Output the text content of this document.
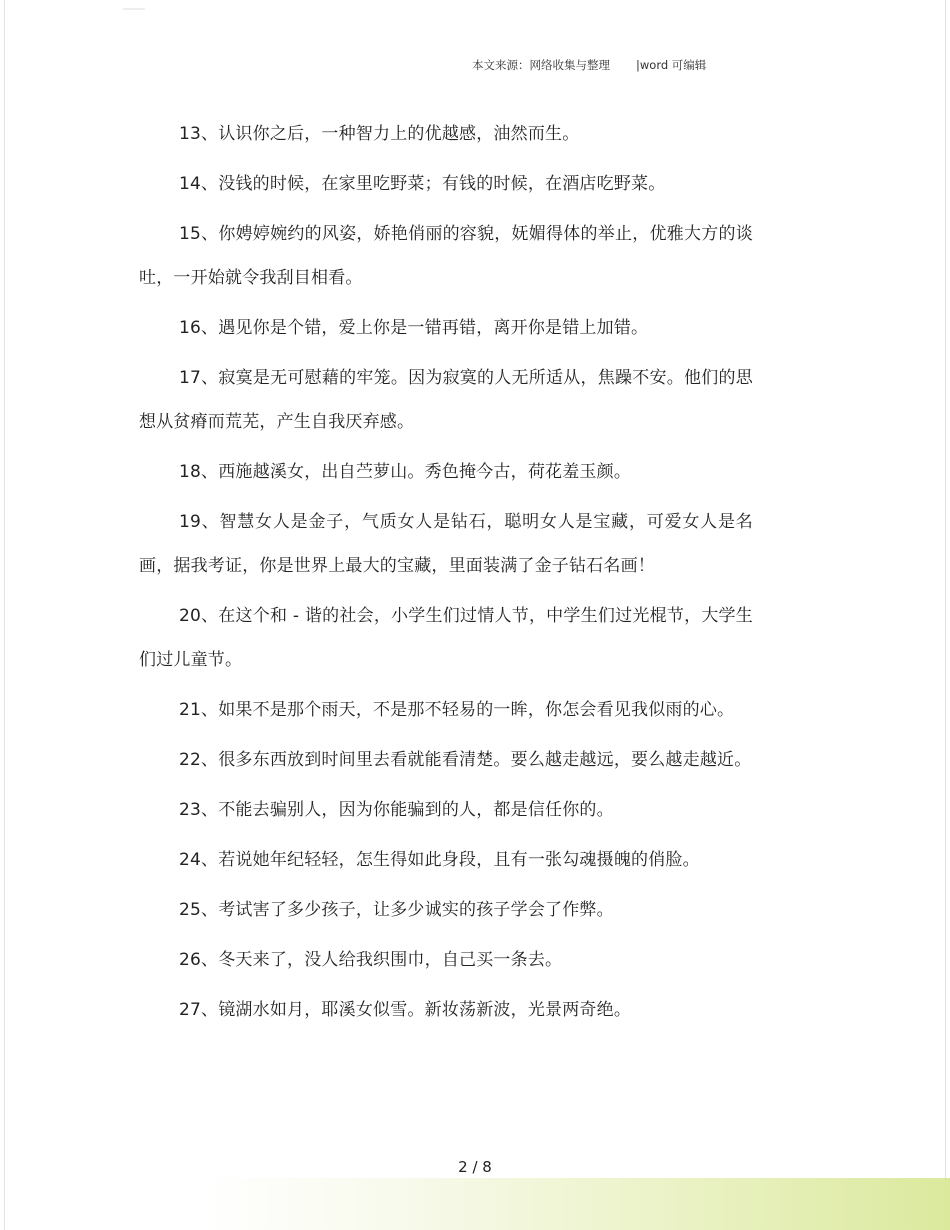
本文来源：网络收集与整理 |word 可编辑

13、认识你之后，一种智力上的优越感，油然而生。

14、没钱的时候，在家里吃野菜；有钱的时候，在酒店吃野菜。

15、你娉婷婉约的风姿，娇艳俏丽的容貌，妩媚得体的举止，优雅大方的谈吐，一开始就令我刮目相看。

16、遇见你是个错，爱上你是一错再错，离开你是错上加错。

17、寂寞是无可慰藉的牢笼。因为寂寞的人无所适从，焦躁不安。他们的思想从贫瘠而荒芜，产生自我厌弃感。

18、西施越溪女，出自苎萝山。秀色掩今古，荷花羞玉颜。

19、智慧女人是金子，气质女人是钻石，聪明女人是宝藏，可爱女人是名画，据我考证，你是世界上最大的宝藏，里面装满了金子钻石名画！

20、在这个和 - 谐的社会，小学生们过情人节，中学生们过光棍节，大学生们过儿童节。

21、如果不是那个雨天，不是那不轻易的一眸，你怎会看见我似雨的心。

22、很多东西放到时间里去看就能看清楚。要么越走越远，要么越走越近。

23、不能去骗别人，因为你能骗到的人，都是信任你的。

24、若说她年纪轻轻，怎生得如此身段，且有一张勾魂摄魄的俏脸。

25、考试害了多少孩子，让多少诚实的孩子学会了作弊。

26、冬天来了，没人给我织围巾，自己买一条去。

27、镜湖水如月，耶溪女似雪。新妆荡新波，光景两奇绝。

2 / 8
